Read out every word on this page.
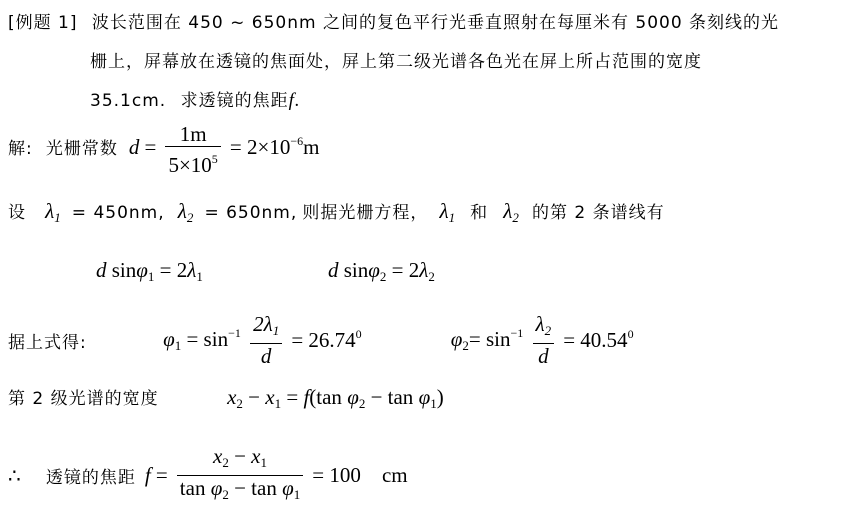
[例题 1] 波长范围在 450 ~ 650nm 之间的复色平行光垂直照射在每厘米有 5000 条刻线的光
栅上，屏幕放在透镜的焦面处，屏上第二级光谱各色光在屏上所占范围的宽度
35.1cm. 求透镜的焦距f.
解: 光栅常数 $d = \frac{1m}{5\times 10^5} = 2\times 10^{-6}m$
设 $\lambda_1 = 450nm$, $\lambda_2 = 650nm$, 则据光栅方程， $\lambda_1$ 和 $\lambda_2$ 的第 2 条谱线有
d $\sin\varphi_1 = 2\lambda_1$	d $\sin\varphi_2 = 2\lambda_2$
据上式得:	$\varphi_1 = \sin^{-1} \frac{2\lambda_1}{d} = 26.74^0$	$\varphi_2= \sin^{-1} \frac{\lambda_2}{d} = 40.54^0$
第 2 级光谱的宽度	$x_2 - x_1 = f(\tan$ $\varphi_2 - \tan \varphi_1$)
∴ 透镜的焦距 $f = \frac{x_2 - x_1}{\tan \varphi_2 - \tan \varphi_1} = 100$ cm
